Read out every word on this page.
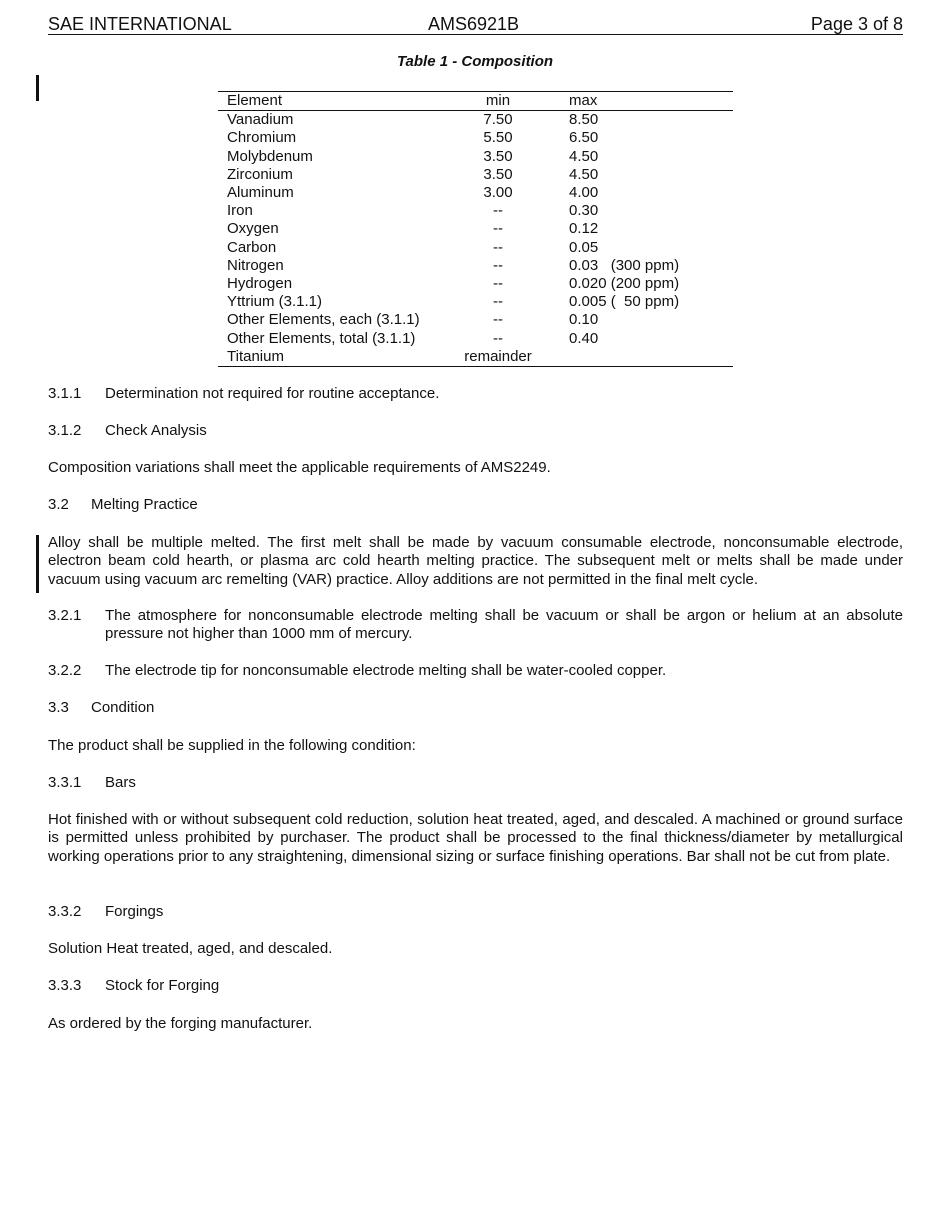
SAE INTERNATIONAL	AMS6921B	Page 3 of 8
Table 1 - Composition
Element	min	max
Vanadium	7.50	8.50
Chromium	5.50	6.50
Molybdenum	3.50	4.50
Zirconium	3.50	4.50
Aluminum	3.00	4.00
Iron	--	0.30
Oxygen	--	0.12
Carbon	--	0.05
Nitrogen	--	0.03   (300 ppm)
Hydrogen	--	0.020 (200 ppm)
Yttrium (3.1.1)	--	0.005 (  50 ppm)
Other Elements, each (3.1.1)	--	0.10
Other Elements, total (3.1.1)	--	0.40
Titanium	remainder	
3.1.1 Determination not required for routine acceptance.
3.1.2 Check Analysis
Composition variations shall meet the applicable requirements of AMS2249.
3.2 Melting Practice
Alloy shall be multiple melted. The first melt shall be made by vacuum consumable electrode, nonconsumable electrode, electron beam cold hearth, or plasma arc cold hearth melting practice. The subsequent melt or melts shall be made under vacuum using vacuum arc remelting (VAR) practice. Alloy additions are not permitted in the final melt cycle.
3.2.1 The atmosphere for nonconsumable electrode melting shall be vacuum or shall be argon or helium at an absolute pressure not higher than 1000 mm of mercury.
3.2.2 The electrode tip for nonconsumable electrode melting shall be water-cooled copper.
3.3 Condition
The product shall be supplied in the following condition:
3.3.1 Bars
Hot finished with or without subsequent cold reduction, solution heat treated, aged, and descaled. A machined or ground surface is permitted unless prohibited by purchaser. The product shall be processed to the final thickness/diameter by metallurgical working operations prior to any straightening, dimensional sizing or surface finishing operations. Bar shall not be cut from plate.
3.3.2 Forgings
Solution Heat treated, aged, and descaled.
3.3.3 Stock for Forging
As ordered by the forging manufacturer.
